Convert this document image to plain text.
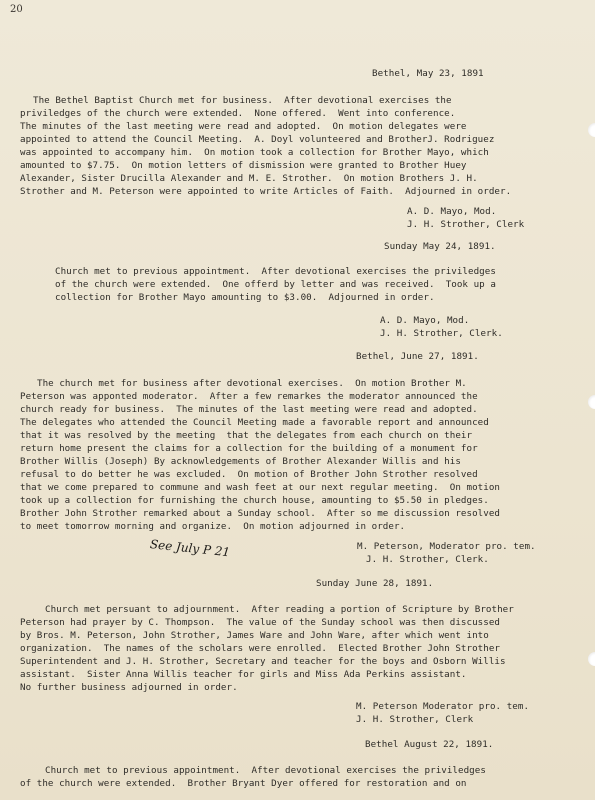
20
Bethel, May 23, 1891
The Bethel Baptist Church met for business.  After devotional exercises the
priviledges of the church were extended.  None offered.  Went into conference.
The minutes of the last meeting were read and adopted.  On motion delegates were
appointed to attend the Council Meeting.  A. Doyl volunteered and BrotherJ. Rodriguez
was appointed to accompany him.  On motion took a collection for Brother Mayo, which
amounted to $7.75.  On motion letters of dismission were granted to Brother Huey
Alexander, Sister Drucilla Alexander and M. E. Strother.  On motion Brothers J. H.
Strother and M. Peterson were appointed to write Articles of Faith.  Adjourned in order.
A. D. Mayo, Mod.
J. H. Strother, Clerk
Sunday May 24, 1891.
Church met to previous appointment.  After devotional exercises the priviledges
of the church were extended.  One offerd by letter and was received.  Took up a
collection for Brother Mayo amounting to $3.00.  Adjourned in order.
A. D. Mayo, Mod.
J. H. Strother, Clerk.
Bethel, June 27, 1891.
The church met for business after devotional exercises.  On motion Brother M.
Peterson was apponted moderator.  After a few remarkes the moderator announced the
church ready for business.  The minutes of the last meeting were read and adopted.
The delegates who attended the Council Meeting made a favorable report and announced
that it was resolved by the meeting  that the delegates from each church on their
return home present the claims for a collection for the building of a monument for
Brother Willis (Joseph) By acknowledgements of Brother Alexander Willis and his
refusal to do better he was excluded.  On motion of Brother John Strother resolved
that we come prepared to commune and wash feet at our next regular meeting.  On motion
took up a collection for furnishing the church house, amounting to $5.50 in pledges.
Brother John Strother remarked about a Sunday school.  After so me discussion resolved
to meet tomorrow morning and organize.  On motion adjourned in order.
See July P 21	M. Peterson, Moderator pro. tem.
J. H. Strother, Clerk.
Sunday June 28, 1891.
Church met persuant to adjournment.  After reading a portion of Scripture by Brother
Peterson had prayer by C. Thompson.  The value of the Sunday school was then discussed
by Bros. M. Peterson, John Strother, James Ware and John Ware, after which went into
organization.  The names of the scholars were enrolled.  Elected Brother John Strother
Superintendent and J. H. Strother, Secretary and teacher for the boys and Osborn Willis
assistant.  Sister Anna Willis teacher for girls and Miss Ada Perkins assistant.
No further business adjourned in order.
M. Peterson Moderator pro. tem.
J. H. Strother, Clerk
Bethel August 22, 1891.
Church met to previous appointment.  After devotional exercises the priviledges
of the church were extended.  Brother Bryant Dyer offered for restoration and on
